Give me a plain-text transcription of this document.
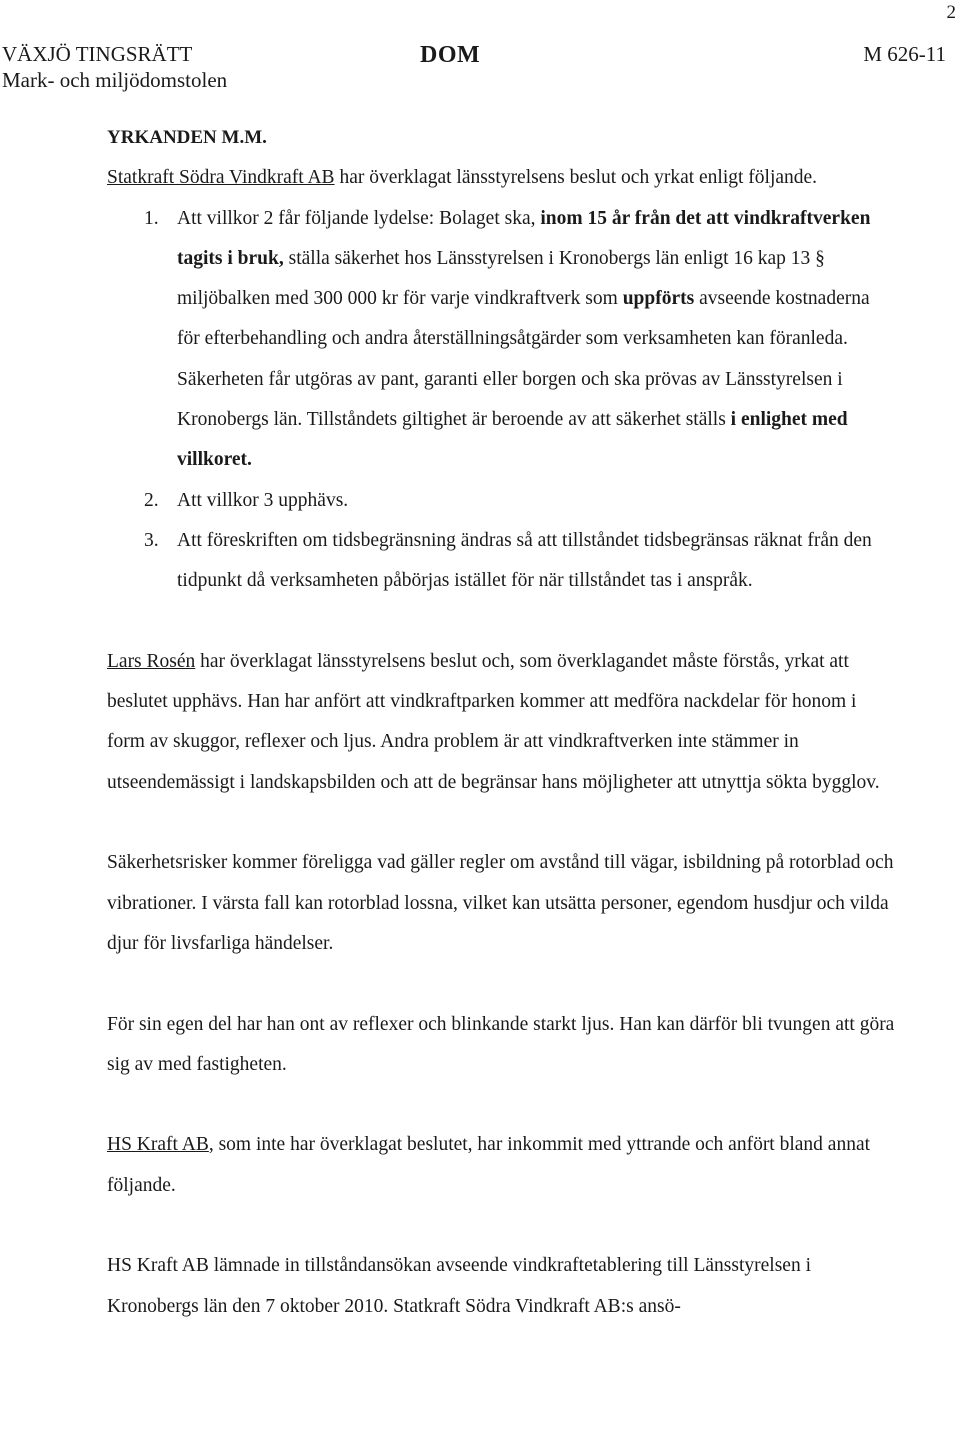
2
VÄXJÖ TINGSRÄTT
Mark- och miljödomstolen
DOM	M 626-11

YRKANDEN M.M.

Statkraft Södra Vindkraft AB har överklagat länsstyrelsens beslut och yrkat enligt följande.

1. Att villkor 2 får följande lydelse: Bolaget ska, inom 15 år från det att vindkraftverken tagits i bruk, ställa säkerhet hos Länsstyrelsen i Kronobergs län enligt 16 kap 13 § miljöbalken med 300 000 kr för varje vindkraftverk som uppförts avseende kostnaderna för efterbehandling och andra återställningsåtgärder som verksamheten kan föranleda. Säkerheten får utgöras av pant, garanti eller borgen och ska prövas av Länsstyrelsen i Kronobergs län. Tillståndets giltighet är beroende av att säkerhet ställs i enlighet med villkoret.
2. Att villkor 3 upphävs.
3. Att föreskriften om tidsbegränsning ändras så att tillståndet tidsbegränsas räknat från den tidpunkt då verksamheten påbörjas istället för när tillståndet tas i anspråk.

Lars Rosén har överklagat länsstyrelsens beslut och, som överklagandet måste förstås, yrkat att beslutet upphävs. Han har anfört att vindkraftparken kommer att medföra nackdelar för honom i form av skuggor, reflexer och ljus. Andra problem är att vindkraftverken inte stämmer in utseendemässigt i landskapsbilden och att de begränsar hans möjligheter att utnyttja sökta bygglov.

Säkerhetsrisker kommer föreligga vad gäller regler om avstånd till vägar, isbildning på rotorblad och vibrationer. I värsta fall kan rotorblad lossna, vilket kan utsätta personer, egendom husdjur och vilda djur för livsfarliga händelser.

För sin egen del har han ont av reflexer och blinkande starkt ljus. Han kan därför bli tvungen att göra sig av med fastigheten.

HS Kraft AB, som inte har överklagat beslutet, har inkommit med yttrande och anfört bland annat följande.

HS Kraft AB lämnade in tillståndansökan avseende vindkraftetablering till Länsstyrelsen i Kronobergs län den 7 oktober 2010. Statkraft Södra Vindkraft AB:s ansö-
